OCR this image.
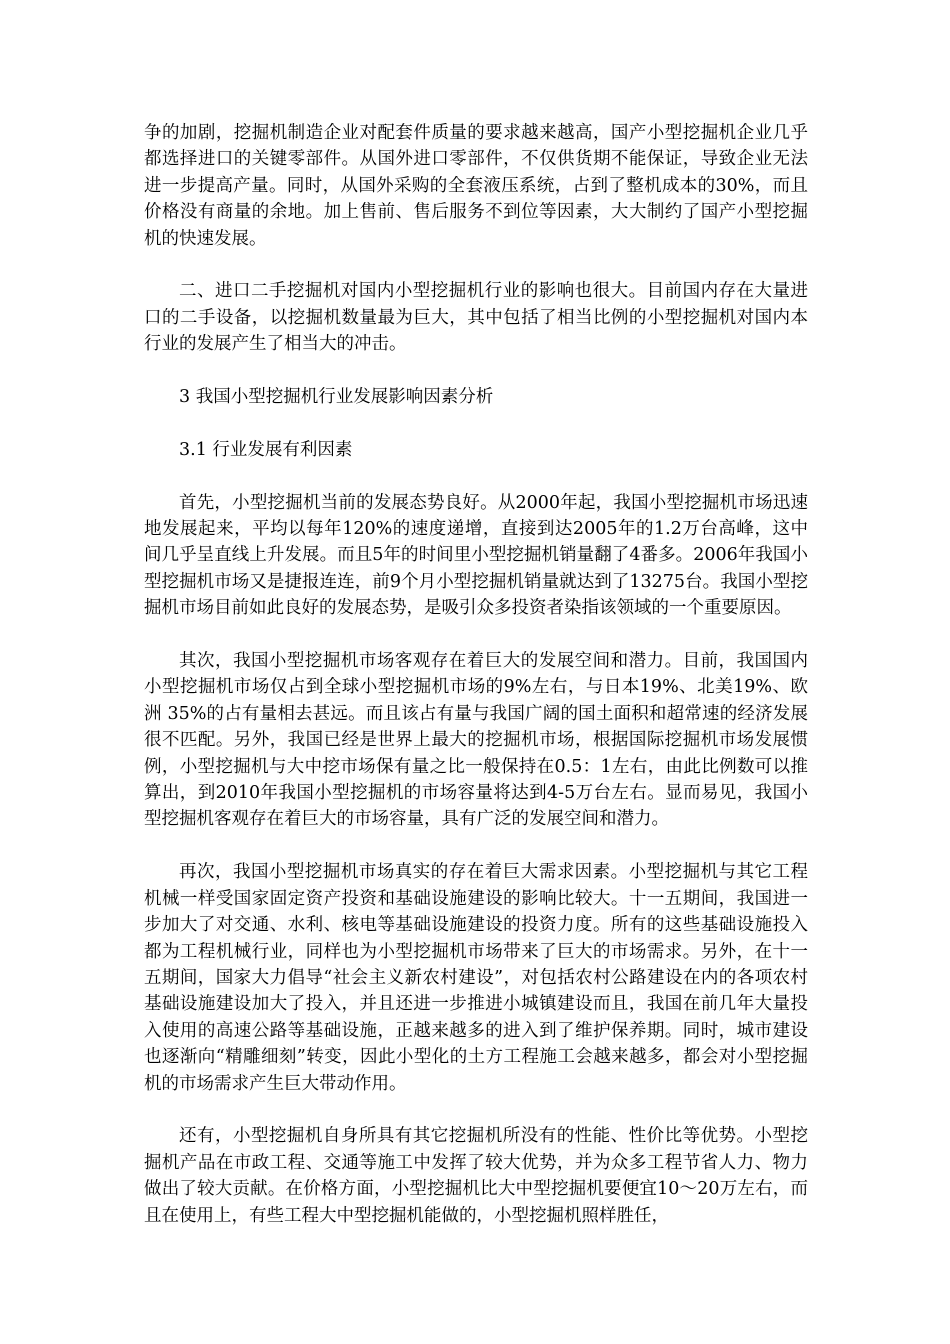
争的加剧，挖掘机制造企业对配套件质量的要求越来越高，国产小型挖掘机企业几乎都选择进口的关键零部件。从国外进口零部件，不仅供货期不能保证，导致企业无法进一步提高产量。同时，从国外采购的全套液压系统，占到了整机成本的30%，而且价格没有商量的余地。加上售前、售后服务不到位等因素，大大制约了国产小型挖掘机的快速发展。

二、进口二手挖掘机对国内小型挖掘机行业的影响也很大。目前国内存在大量进口的二手设备，以挖掘机数量最为巨大，其中包括了相当比例的小型挖掘机对国内本行业的发展产生了相当大的冲击。

3 我国小型挖掘机行业发展影响因素分析

3.1 行业发展有利因素

首先，小型挖掘机当前的发展态势良好。从2000年起，我国小型挖掘机市场迅速地发展起来，平均以每年120%的速度递增，直接到达2005年的1.2万台高峰，这中间几乎呈直线上升发展。而且5年的时间里小型挖掘机销量翻了4番多。2006年我国小型挖掘机市场又是捷报连连，前9个月小型挖掘机销量就达到了13275台。我国小型挖掘机市场目前如此良好的发展态势，是吸引众多投资者染指该领域的一个重要原因。

其次，我国小型挖掘机市场客观存在着巨大的发展空间和潜力。目前，我国国内小型挖掘机市场仅占到全球小型挖掘机市场的9%左右，与日本19%、北美19%、欧洲 35%的占有量相去甚远。而且该占有量与我国广阔的国土面积和超常速的经济发展很不匹配。另外，我国已经是世界上最大的挖掘机市场，根据国际挖掘机市场发展惯例，小型挖掘机与大中挖市场保有量之比一般保持在0.5：1左右，由此比例数可以推算出，到2010年我国小型挖掘机的市场容量将达到4-5万台左右。显而易见，我国小型挖掘机客观存在着巨大的市场容量，具有广泛的发展空间和潜力。

再次，我国小型挖掘机市场真实的存在着巨大需求因素。小型挖掘机与其它工程机械一样受国家固定资产投资和基础设施建设的影响比较大。十一五期间，我国进一步加大了对交通、水利、核电等基础设施建设的投资力度。所有的这些基础设施投入都为工程机械行业，同样也为小型挖掘机市场带来了巨大的市场需求。另外，在十一五期间，国家大力倡导“社会主义新农村建设”，对包括农村公路建设在内的各项农村基础设施建设加大了投入，并且还进一步推进小城镇建设而且，我国在前几年大量投入使用的高速公路等基础设施，正越来越多的进入到了维护保养期。同时，城市建设也逐渐向“精雕细刻”转变，因此小型化的土方工程施工会越来越多，都会对小型挖掘机的市场需求产生巨大带动作用。

还有，小型挖掘机自身所具有其它挖掘机所没有的性能、性价比等优势。小型挖掘机产品在市政工程、交通等施工中发挥了较大优势，并为众多工程节省人力、物力做出了较大贡献。在价格方面，小型挖掘机比大中型挖掘机要便宜10～20万左右，而且在使用上，有些工程大中型挖掘机能做的，小型挖掘机照样胜任，
